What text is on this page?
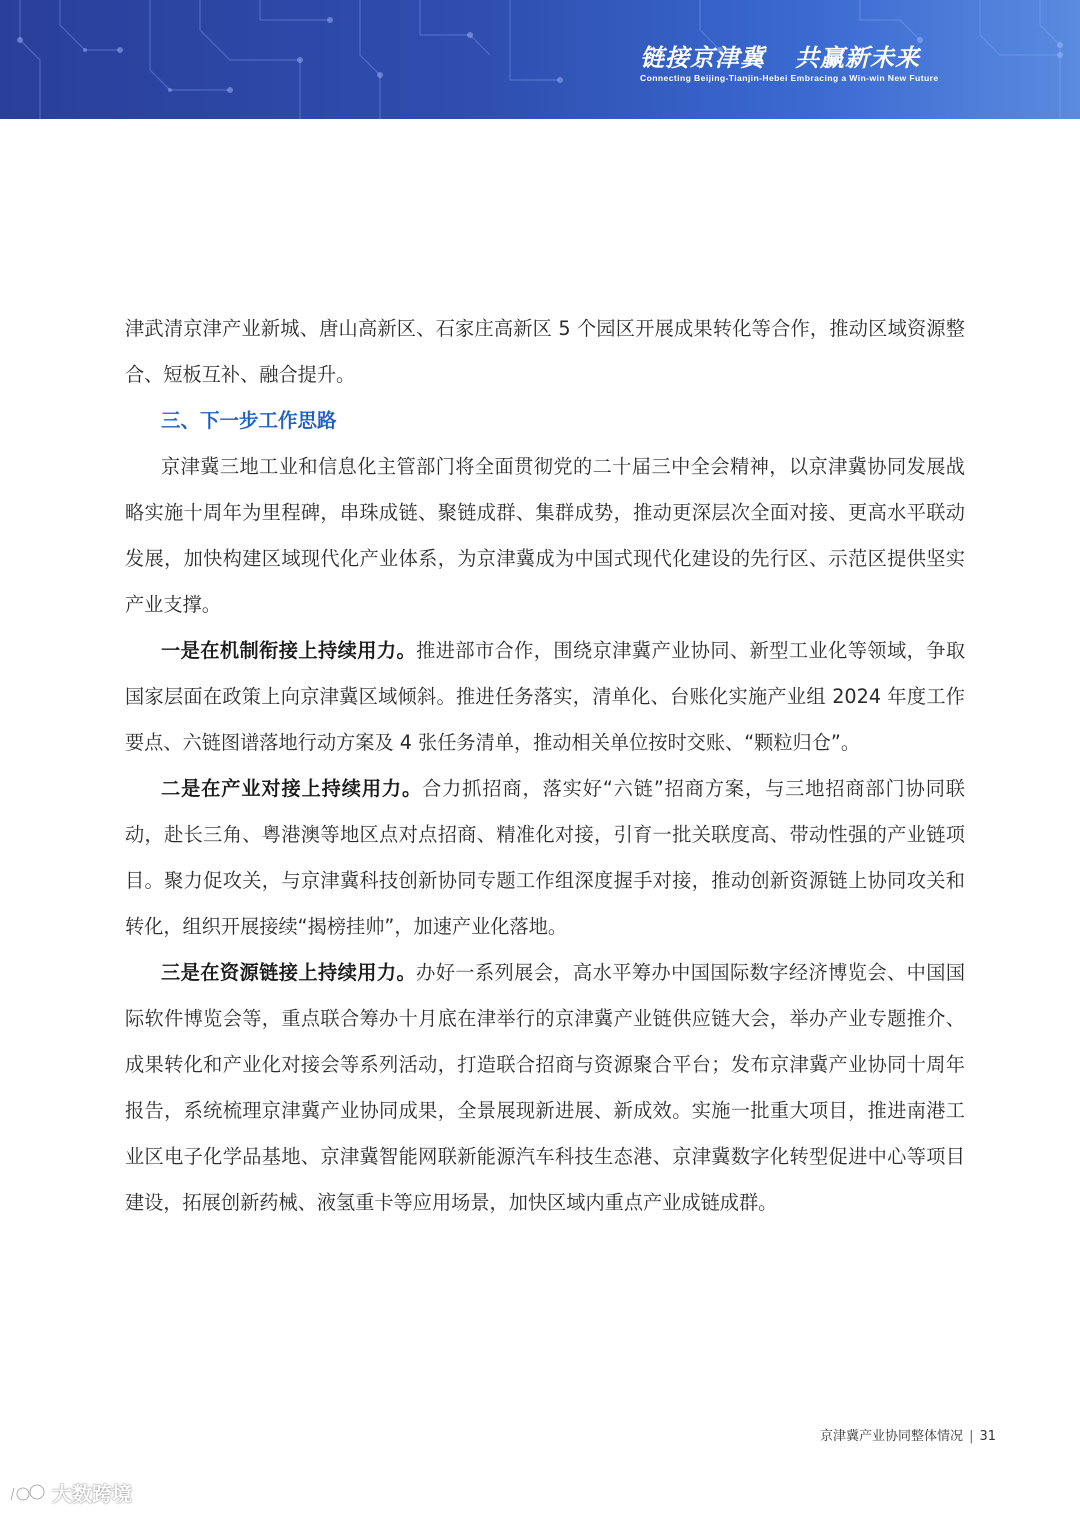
链接京津冀 共赢新未来
Connecting Beijing-Tianjin-Hebei Embracing a Win-win New Future

津武清京津产业新城、唐山高新区、石家庄高新区 5 个园区开展成果转化等合作，推动区域资源整合、短板互补、融合提升。

三、下一步工作思路

京津冀三地工业和信息化主管部门将全面贯彻党的二十届三中全会精神，以京津冀协同发展战略实施十周年为里程碑，串珠成链、聚链成群、集群成势，推动更深层次全面对接、更高水平联动发展，加快构建区域现代化产业体系，为京津冀成为中国式现代化建设的先行区、示范区提供坚实产业支撑。

一是在机制衔接上持续用力。推进部市合作，围绕京津冀产业协同、新型工业化等领域，争取国家层面在政策上向京津冀区域倾斜。推进任务落实，清单化、台账化实施产业组 2024 年度工作要点、六链图谱落地行动方案及 4 张任务清单，推动相关单位按时交账、“颗粒归仓”。

二是在产业对接上持续用力。合力抓招商，落实好“六链”招商方案，与三地招商部门协同联动，赴长三角、粤港澳等地区点对点招商、精准化对接，引育一批关联度高、带动性强的产业链项目。聚力促攻关，与京津冀科技创新协同专题工作组深度握手对接，推动创新资源链上协同攻关和转化，组织开展接续“揭榜挂帅”，加速产业化落地。

三是在资源链接上持续用力。办好一系列展会，高水平筹办中国国际数字经济博览会、中国国际软件博览会等，重点联合筹办十月底在津举行的京津冀产业链供应链大会，举办产业专题推介、成果转化和产业化对接会等系列活动，打造联合招商与资源聚合平台；发布京津冀产业协同十周年报告，系统梳理京津冀产业协同成果，全景展现新进展、新成效。实施一批重大项目，推进南港工业区电子化学品基地、京津冀智能网联新能源汽车科技生态港、京津冀数字化转型促进中心等项目建设，拓展创新药械、液氢重卡等应用场景，加快区域内重点产业成链成群。

京津冀产业协同整体情况 | 31
大数跨境
